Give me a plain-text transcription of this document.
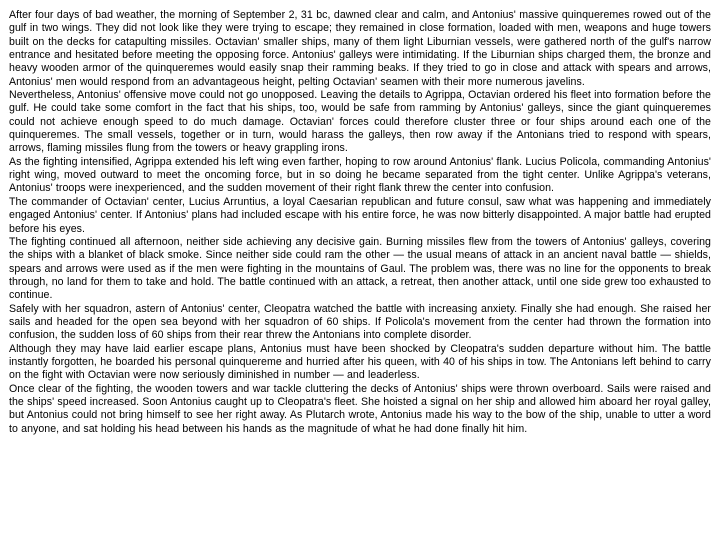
After four days of bad weather, the morning of September 2, 31 bc, dawned clear and calm, and Antonius' massive quinqueremes rowed out of the gulf in two wings. They did not look like they were trying to escape; they remained in close formation, loaded with men, weapons and huge towers built on the decks for catapulting missiles. Octavian' smaller ships, many of them light Liburnian vessels, were gathered north of the gulf's narrow entrance and hesitated before meeting the opposing force. Antonius' galleys were intimidating. If the Liburnian ships charged them, the bronze and heavy wooden armor of the quinqueremes would easily snap their ramming beaks. If they tried to go in close and attack with spears and arrows, Antonius' men would respond from an advantageous height, pelting Octavian' seamen with their more numerous javelins.

Nevertheless, Antonius' offensive move could not go unopposed. Leaving the details to Agrippa, Octavian ordered his fleet into formation before the gulf. He could take some comfort in the fact that his ships, too, would be safe from ramming by Antonius' galleys, since the giant quinqueremes could not achieve enough speed to do much damage. Octavian' forces could therefore cluster three or four ships around each one of the quinqueremes. The small vessels, together or in turn, would harass the galleys, then row away if the Antonians tried to respond with spears, arrows, flaming missiles flung from the towers or heavy grappling irons.

As the fighting intensified, Agrippa extended his left wing even farther, hoping to row around Antonius' flank. Lucius Policola, commanding Antonius' right wing, moved outward to meet the oncoming force, but in so doing he became separated from the tight center. Unlike Agrippa's veterans, Antonius' troops were inexperienced, and the sudden movement of their right flank threw the center into confusion.

The commander of Octavian' center, Lucius Arruntius, a loyal Caesarian republican and future consul, saw what was happening and immediately engaged Antonius' center. If Antonius' plans had included escape with his entire force, he was now bitterly disappointed. A major battle had erupted before his eyes.

The fighting continued all afternoon, neither side achieving any decisive gain. Burning missiles flew from the towers of Antonius' galleys, covering the ships with a blanket of black smoke. Since neither side could ram the other — the usual means of attack in an ancient naval battle — shields, spears and arrows were used as if the men were fighting in the mountains of Gaul. The problem was, there was no line for the opponents to break through, no land for them to take and hold. The battle continued with an attack, a retreat, then another attack, until one side grew too exhausted to continue.

Safely with her squadron, astern of Antonius' center, Cleopatra watched the battle with increasing anxiety. Finally she had enough. She raised her sails and headed for the open sea beyond with her squadron of 60 ships. If Policola's movement from the center had thrown the formation into confusion, the sudden loss of 60 ships from their rear threw the Antonians into complete disorder.

Although they may have laid earlier escape plans, Antonius must have been shocked by Cleopatra's sudden departure without him. The battle instantly forgotten, he boarded his personal quinquereme and hurried after his queen, with 40 of his ships in tow. The Antonians left behind to carry on the fight with Octavian were now seriously diminished in number — and leaderless.

Once clear of the fighting, the wooden towers and war tackle cluttering the decks of Antonius' ships were thrown overboard. Sails were raised and the ships' speed increased. Soon Antonius caught up to Cleopatra's fleet. She hoisted a signal on her ship and allowed him aboard her royal galley, but Antonius could not bring himself to see her right away. As Plutarch wrote, Antonius made his way to the bow of the ship, unable to utter a word to anyone, and sat holding his head between his hands as the magnitude of what he had done finally hit him.
